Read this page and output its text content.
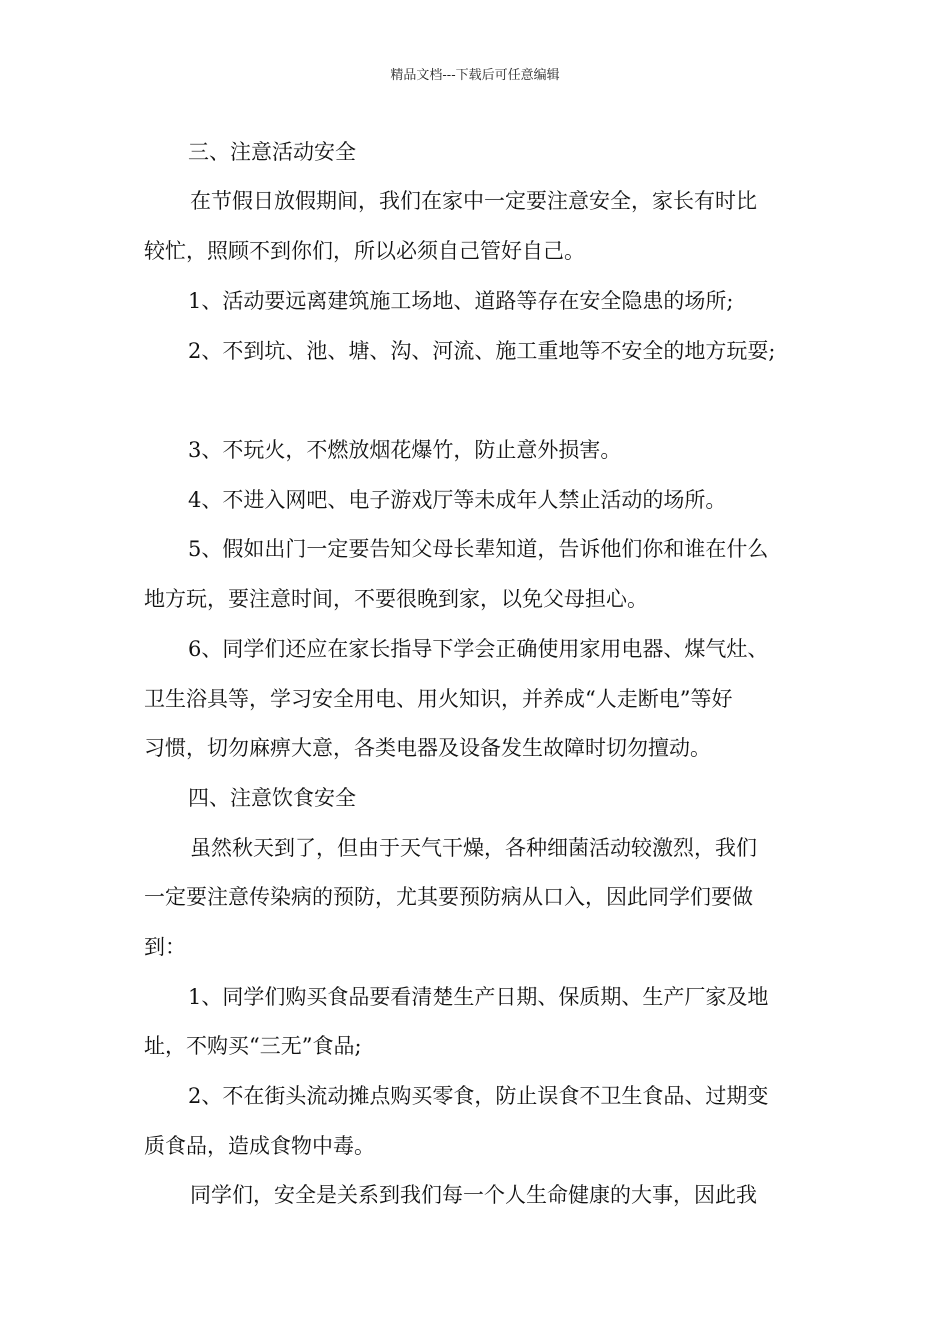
精品文档---下载后可任意编辑
三、注意活动安全
在节假日放假期间，我们在家中一定要注意安全，家长有时比
较忙，照顾不到你们，所以必须自己管好自己。
1、活动要远离建筑施工场地、道路等存在安全隐患的场所;
2、不到坑、池、塘、沟、河流、施工重地等不安全的地方玩耍;
3、不玩火，不燃放烟花爆竹，防止意外损害。
4、不进入网吧、电子游戏厅等未成年人禁止活动的场所。
5、假如出门一定要告知父母长辈知道，告诉他们你和谁在什么
地方玩，要注意时间，不要很晚到家，以免父母担心。
6、同学们还应在家长指导下学会正确使用家用电器、煤气灶、
卫生浴具等，学习安全用电、用火知识，并养成“人走断电”等好
习惯，切勿麻痹大意，各类电器及设备发生故障时切勿擅动。
四、注意饮食安全
虽然秋天到了，但由于天气干燥，各种细菌活动较激烈，我们
一定要注意传染病的预防，尤其要预防病从口入，因此同学们要做
到：
1、同学们购买食品要看清楚生产日期、保质期、生产厂家及地
址，不购买“三无”食品;
2、不在街头流动摊点购买零食，防止误食不卫生食品、过期变
质食品，造成食物中毒。
同学们，安全是关系到我们每一个人生命健康的大事，因此我
